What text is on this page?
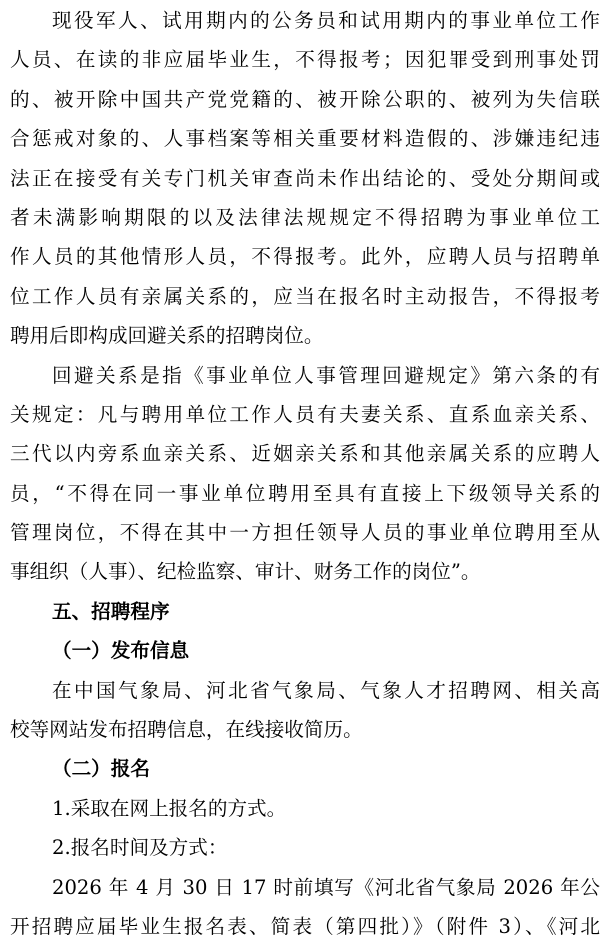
现役军人、试用期内的公务员和试用期内的事业单位工作
人员、在读的非应届毕业生，不得报考；因犯罪受到刑事处罚
的、被开除中国共产党党籍的、被开除公职的、被列为失信联
合惩戒对象的、人事档案等相关重要材料造假的、涉嫌违纪违
法正在接受有关专门机关审查尚未作出结论的、受处分期间或
者未满影响期限的以及法律法规规定不得招聘为事业单位工
作人员的其他情形人员，不得报考。此外，应聘人员与招聘单
位工作人员有亲属关系的，应当在报名时主动报告，不得报考
聘用后即构成回避关系的招聘岗位。
回避关系是指《事业单位人事管理回避规定》第六条的有
关规定：凡与聘用单位工作人员有夫妻关系、直系血亲关系、
三代以内旁系血亲关系、近姻亲关系和其他亲属关系的应聘人
员，“不得在同一事业单位聘用至具有直接上下级领导关系的
管理岗位，不得在其中一方担任领导人员的事业单位聘用至从
事组织（人事）、纪检监察、审计、财务工作的岗位”。
五、招聘程序
（一）发布信息
在中国气象局、河北省气象局、气象人才招聘网、相关高
校等网站发布招聘信息，在线接收简历。
（二）报名
1.采取在网上报名的方式。
2.报名时间及方式：
2026 年 4 月 30 日 17 时前填写《河北省气象局 2026 年公
开招聘应届毕业生报名表、简表（第四批）》（附件 3）、《河北
